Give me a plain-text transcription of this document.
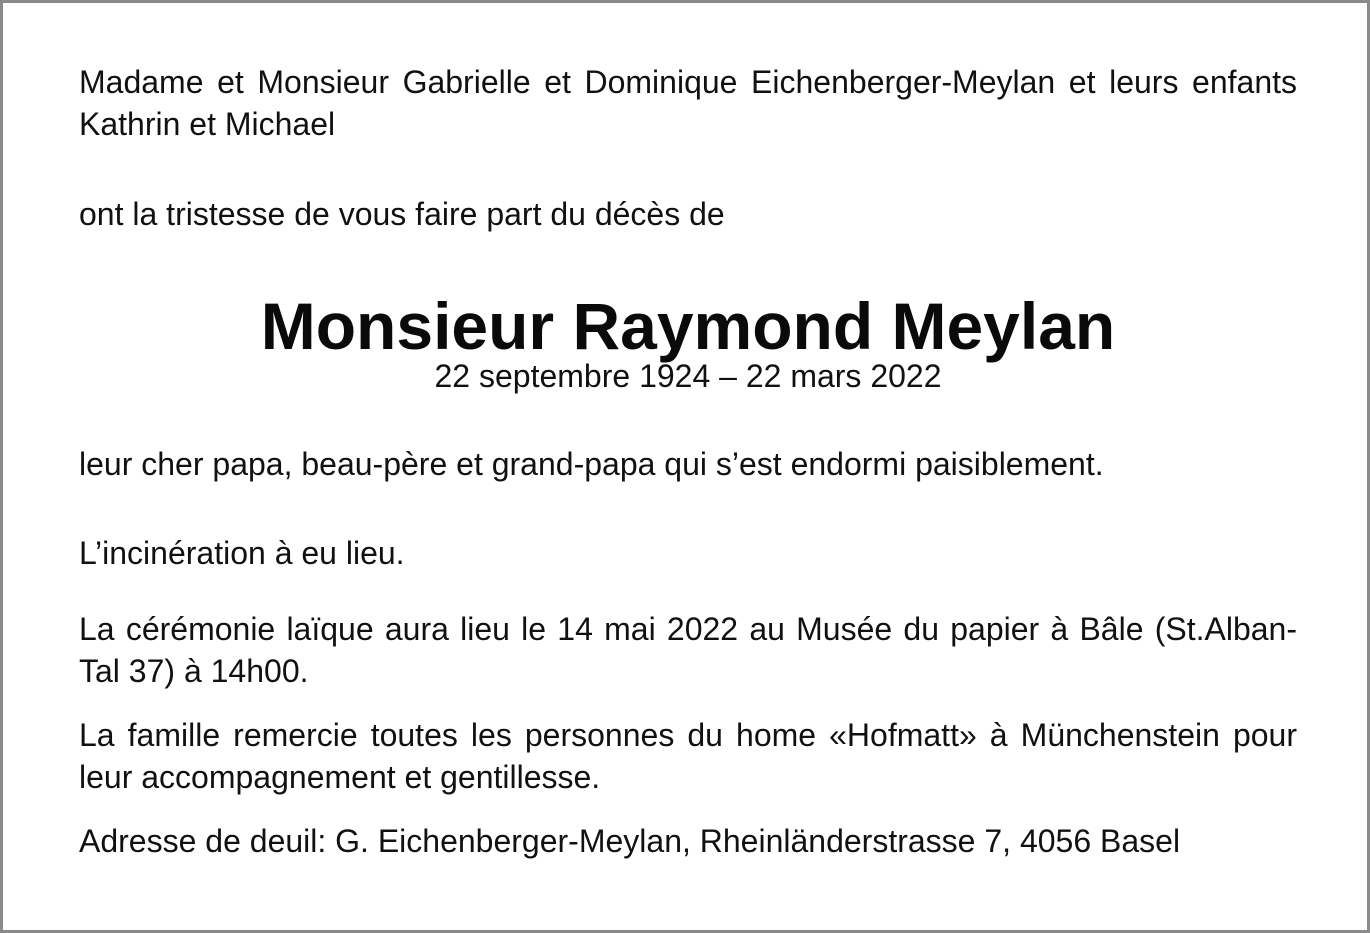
Madame et Monsieur Gabrielle et Dominique Eichenberger-Meylan et leurs enfants Kathrin et Michael

ont la tristesse de vous faire part du décès de

Monsieur Raymond Meylan

22 septembre 1924 – 22 mars 2022

leur cher papa, beau-père et grand-papa qui s’est endormi paisiblement.

L’incinération à eu lieu.

La cérémonie laïque aura lieu le 14 mai 2022 au Musée du papier à Bâle (St.Alban-Tal 37) à 14h00.

La famille remercie toutes les personnes du home «Hofmatt» à Münchenstein pour leur accompagnement et gentillesse.

Adresse de deuil: G. Eichenberger-Meylan, Rheinländerstrasse 7, 4056 Basel
